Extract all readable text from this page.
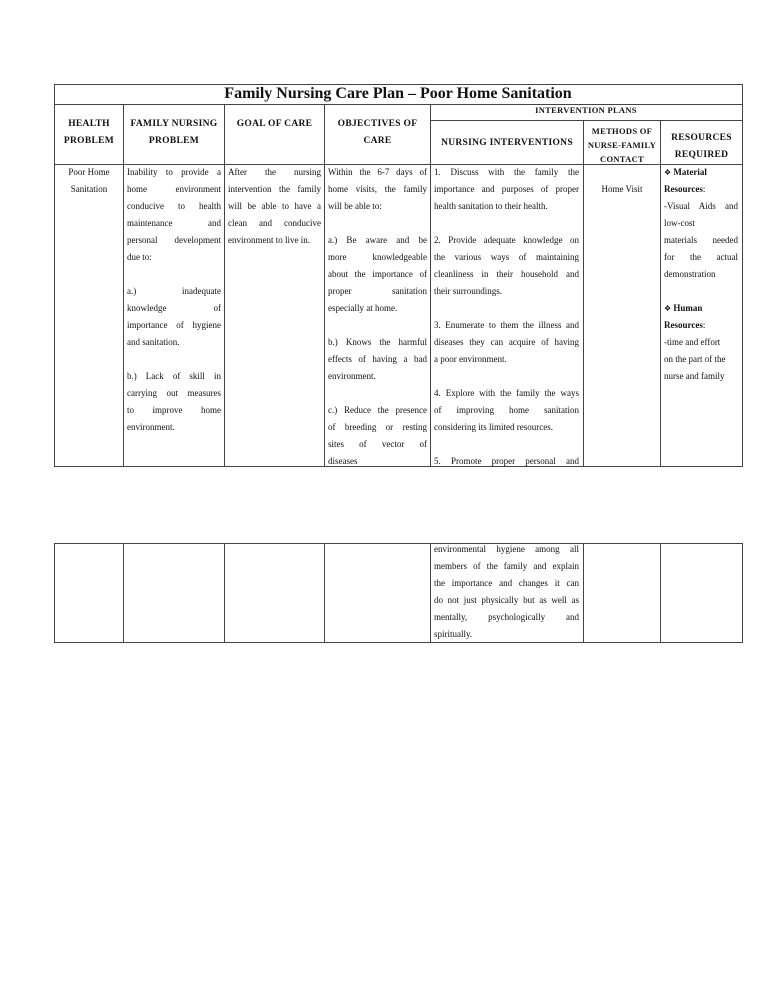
Family Nursing Care Plan – Poor Home Sanitation
INTERVENTION PLANS
HEALTH
PROBLEM
FAMILY NURSING
PROBLEM
GOAL OF CARE	OBJECTIVES OF
CARE	NURSING INTERVENTIONS
METHODS OF
NURSE-FAMILY
CONTACT
RESOURCES
REQUIRED

Poor Home

Sanitation

Inability to provide a

home environment

conducive to health

maintenance and

personal development

due to:

a.) inadequate

knowledge of

importance of hygiene

and sanitation.

b.) Lack of skill in

carrying out measures

to improve home

environment.

After the nursing

intervention the family

will be able to have a

clean and conducive

environment to live in.

Within the 6-7 days of

home visits, the family

will be able to:

a.) Be aware and be

more knowledgeable

about the importance of

proper sanitation

especially at home.

b.) Knows the harmful

effects of having a bad

environment.

c.) Reduce the presence

of breeding or resting

sites of vector of

diseases

1. Discuss with the family the

importance and purposes of proper

health sanitation to their health.

2. Provide adequate knowledge on

the various ways of maintaining

cleanliness in their household and

their surroundings.

3. Enumerate to them the illness and

diseases they can acquire of having

a poor environment.

4. Explore with the family the ways

of improving home sanitation

considering its limited resources.

5. Promote proper personal and

Home Visit

❖ Material

Resources:

-Visual Aids and

low-cost

materials needed

for the actual

demonstration

❖ Human

Resources:

-time and effort

on the part of the

nurse and family

environmental hygiene among all

members of the family and explain

the importance and changes it can

do not just physically but as well as

mentally, psychologically and

spiritually.
